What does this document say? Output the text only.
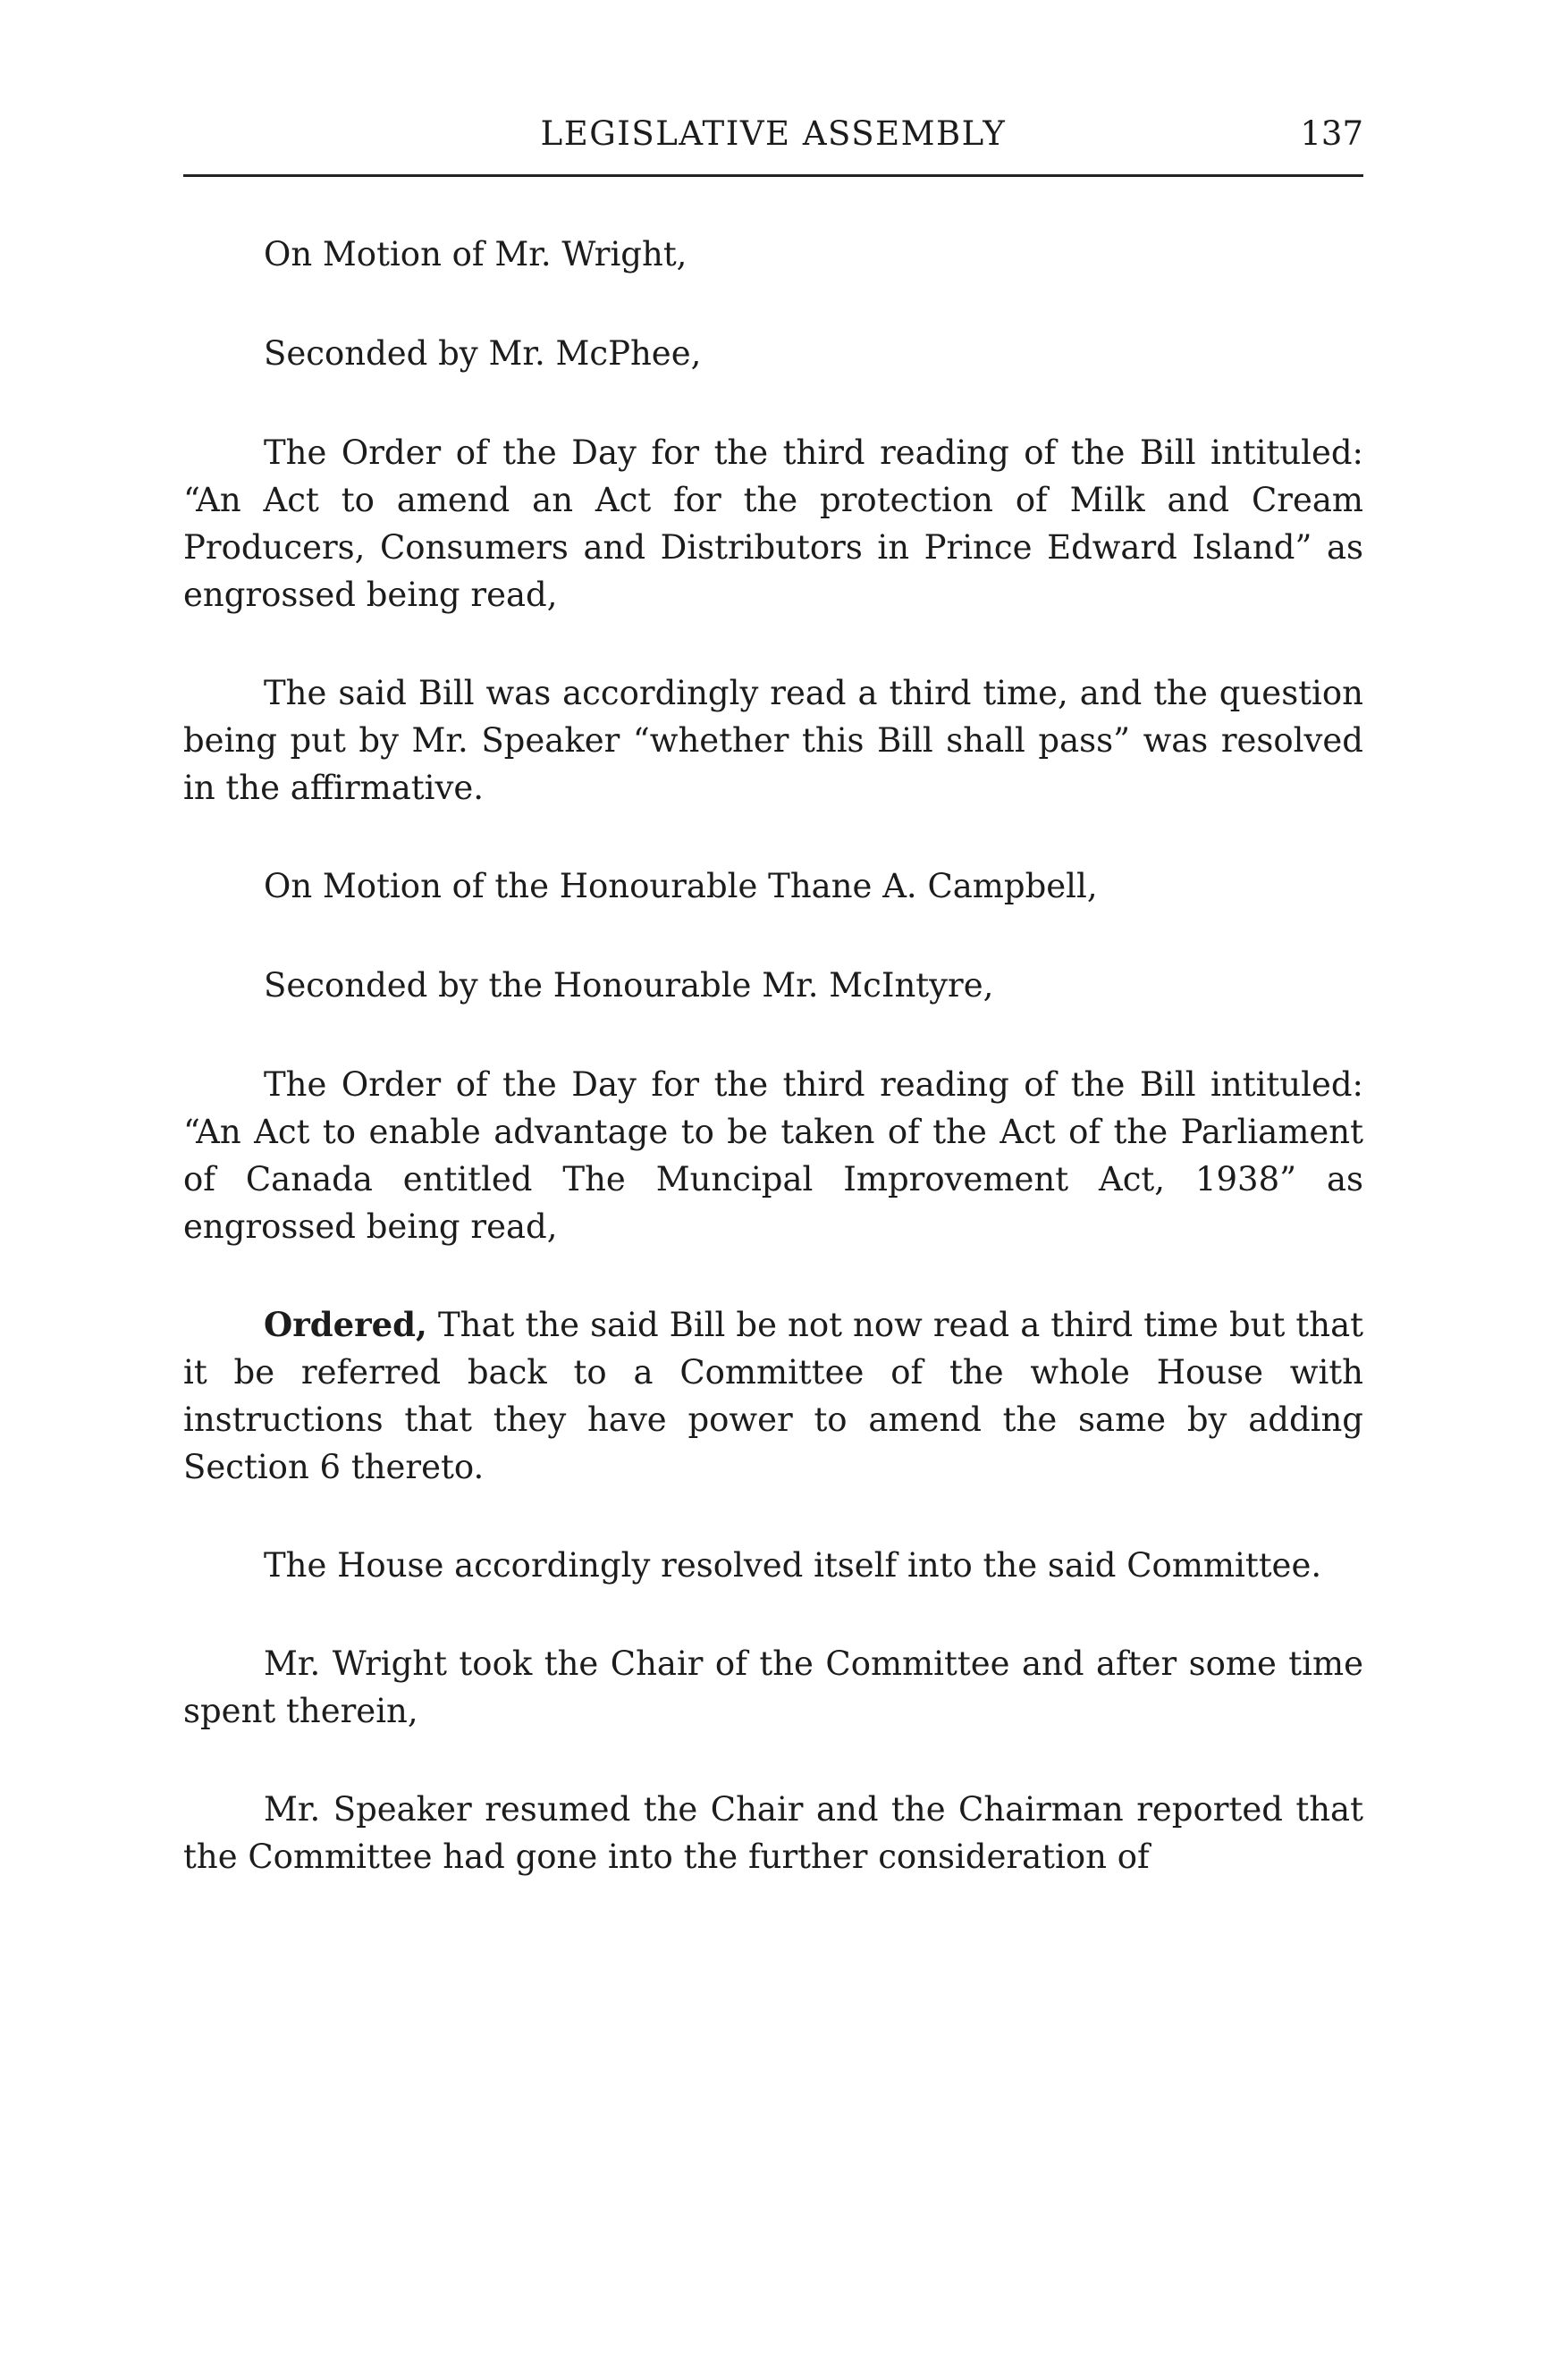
LEGISLATIVE ASSEMBLY	137

On Motion of Mr. Wright,

Seconded by Mr. McPhee,

The Order of the Day for the third reading of the Bill intituled: “An Act to amend an Act for the protection of Milk and Cream Producers, Consumers and Distributors in Prince Edward Island” as engrossed being read,

The said Bill was accordingly read a third time, and the question being put by Mr. Speaker “whether this Bill shall pass” was resolved in the affirmative.

On Motion of the Honourable Thane A. Campbell,

Seconded by the Honourable Mr. McIntyre,

The Order of the Day for the third reading of the Bill intituled: “An Act to enable advantage to be taken of the Act of the Parliament of Canada entitled The Muncipal Improvement Act, 1938” as engrossed being read,

Ordered, That the said Bill be not now read a third time but that it be referred back to a Committee of the whole House with instructions that they have power to amend the same by adding Section 6 thereto.

The House accordingly resolved itself into the said Committee.

Mr. Wright took the Chair of the Committee and after some time spent therein,

Mr. Speaker resumed the Chair and the Chairman reported that the Committee had gone into the further consideration of
